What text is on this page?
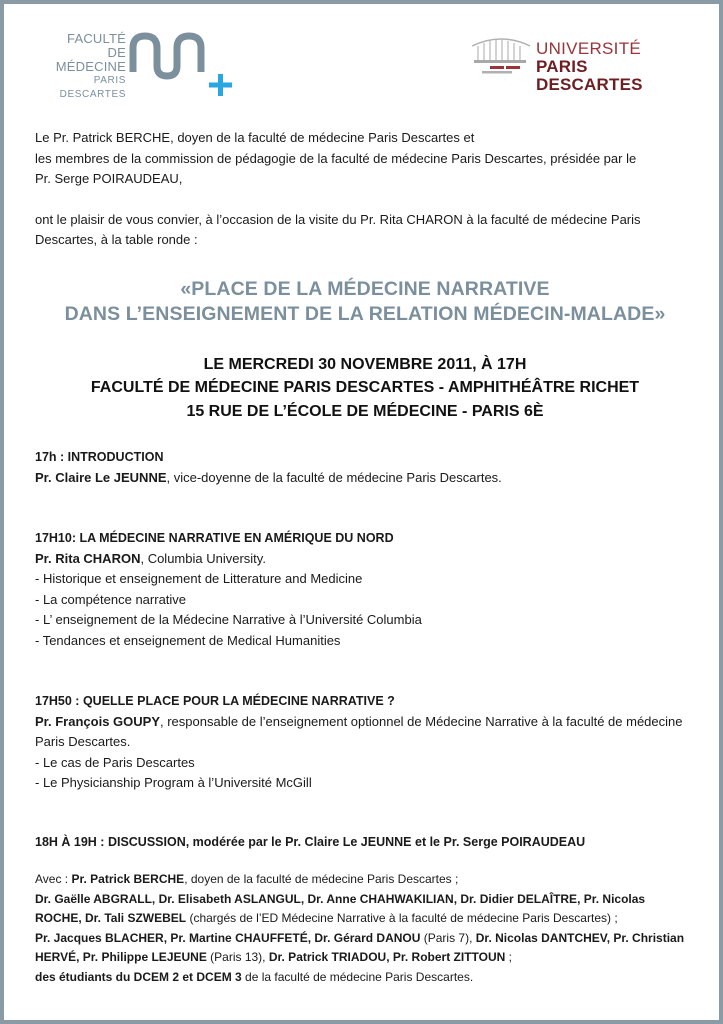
FACULTÉ
DE MÉDECINE
PARIS DESCARTES
UNIVERSITÉ
PARIS DESCARTES
Le Pr. Patrick BERCHE, doyen de la faculté de médecine Paris Descartes et
les membres de la commission de pédagogie de la faculté de médecine Paris Descartes, présidée par le
Pr. Serge POIRAUDEAU,
ont le plaisir de vous convier, à l’occasion de la visite du Pr. Rita CHARON à la faculté de médecine Paris
Descartes, à la table ronde :
«PLACE DE LA MÉDECINE NARRATIVE
DANS L’ENSEIGNEMENT DE LA RELATION MÉDECIN-MALADE»
LE MERCREDI 30 NOVEMBRE 2011, À 17H
FACULTÉ DE MÉDECINE PARIS DESCARTES - AMPHITHÉÂTRE RICHET
15 RUE DE L’ÉCOLE DE MÉDECINE - PARIS 6È
17h : INTRODUCTION
Pr. Claire Le JEUNNE, vice-doyenne de la faculté de médecine Paris Descartes.
17H10: LA MÉDECINE NARRATIVE EN AMÉRIQUE DU NORD
Pr. Rita CHARON, Columbia University.
- Historique et enseignement de Litterature and Medicine
- La compétence narrative
- L’ enseignement de la Médecine Narrative à l’Université Columbia
- Tendances et enseignement de Medical Humanities
17H50 : QUELLE PLACE POUR LA MÉDECINE NARRATIVE ?
Pr. François GOUPY, responsable de l’enseignement optionnel de Médecine Narrative à la faculté de médecine Paris Descartes.
- Le cas de Paris Descartes
- Le Physicianship Program à l’Université McGill
18H À 19H : DISCUSSION, modérée par le Pr. Claire Le JEUNNE et le Pr. Serge POIRAUDEAU
Avec : Pr. Patrick BERCHE, doyen de la faculté de médecine Paris Descartes ;
Dr. Gaëlle ABGRALL, Dr. Elisabeth ASLANGUL, Dr. Anne CHAHWAKILIAN, Dr. Didier DELAÎTRE, Pr. Nicolas ROCHE, Dr. Tali SZWEBEL (chargés de l’ED Médecine Narrative à la faculté de médecine Paris Descartes) ;
Pr. Jacques BLACHER, Pr. Martine CHAUFFETÉ, Dr. Gérard DANOU (Paris 7), Dr. Nicolas DANTCHEV, Pr. Christian HERVÉ, Pr. Philippe LEJEUNE (Paris 13), Dr. Patrick TRIADOU, Pr. Robert ZITTOUN ;
des étudiants du DCEM 2 et DCEM 3 de la faculté de médecine Paris Descartes.
